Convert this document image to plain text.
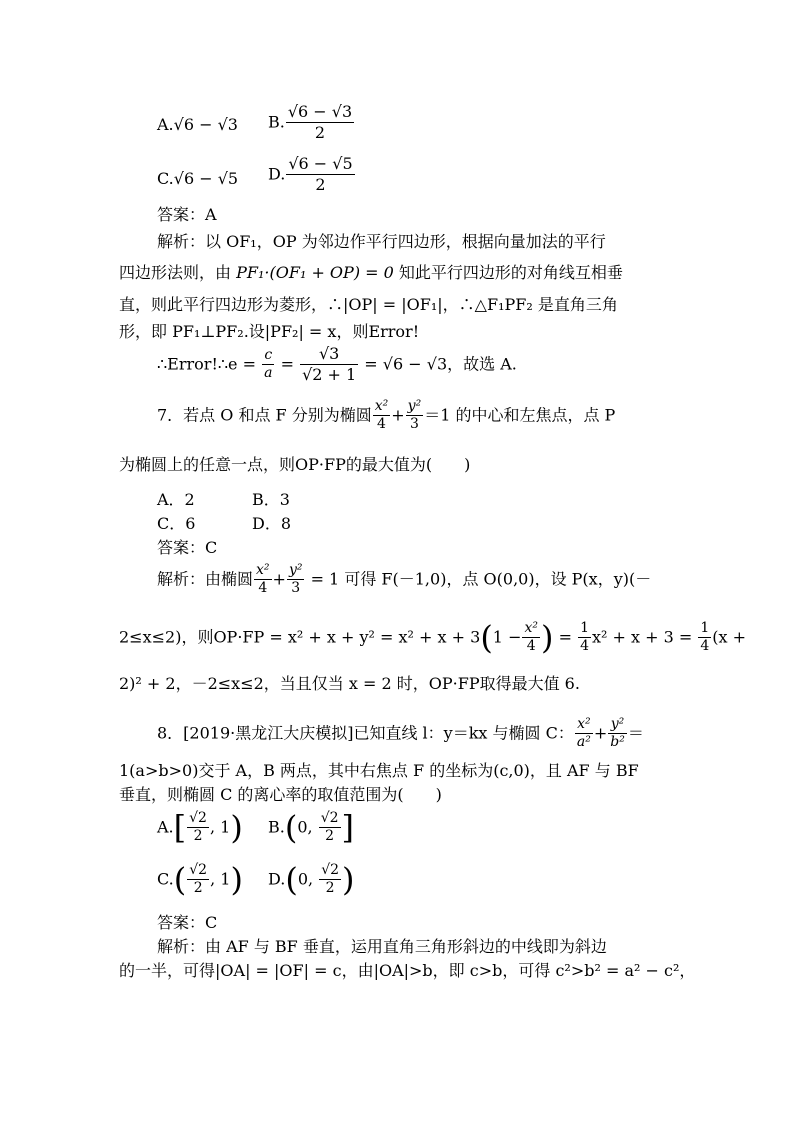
A.√6 − √3 B. $\frac{√6 - √3}{2}$
C.√6 − √5 D. $\frac{√6 - √5}{2}$
答案：A
解析：以 OF₁，OP 为邻边作平行四边形，根据向量加法的平行
四边形法则，由 PF₁·(OF₁ + OP) = 0 知此平行四边形的对角线互相垂
直，则此平行四边形为菱形，∴|OP| = |OF₁|，∴△F₁PF₂ 是直角三角
形，即 PF₁⊥PF₂.设|PF₂| = x，则Error!
∴Error!∴e = $\frac{c}{a} = \frac{√3}{√2 + 1} = √6 - √3$，故选 A.
7．若点 O 和点 F 分别为椭圆 $\frac{\text{x²}}{4} + \frac{\text{y²}}{3} =1$ 的中心和左焦点，点 P
为椭圆上的任意一点，则OP·FP的最大值为(　　)
A．2	B．3
C．6	D．8
答案：C
解析：由椭圆 $\frac{\text{x²}}{4} + \frac{\text{y²}}{3} = 1$ 可得 F(－1,0)，点 O(0,0)，设 P(x，y)(－
2≤x≤2)，则$OP\cdot FP = x^2 + x + y^2 = x^2 + x + 3(1 - \frac{\text{x²}}{4}$ ) = $\frac{1}{4} x^2 + x + 3 = \frac{1}{4} (x$ +
2)² + 2，－2≤x≤2，当且仅当 x = 2 时，OP·FP取得最大值 6.
8．[2019·黑龙江大庆模拟]已知直线 l：y＝kx 与椭圆 C： $\frac{\text{x²}}{\text{a²}} + \frac{\text{y²}}{\text{b²}}$ ＝
1(a>b>0)交于 A，B 两点，其中右焦点 F 的坐标为(c,0)，且 AF 与 BF
垂直，则椭圆 C 的离心率的取值范围为(　　)
$A.[ \frac{√2}{2}$ , 1) B.(0, $\frac{√2}{2}$ ]
$C.( \frac{√2}{2}$ , 1) D.(0, $\frac{√2}{2}$ )
答案：C
解析：由 AF 与 BF 垂直，运用直角三角形斜边的中线即为斜边
的一半，可得|OA| = |OF| = c，由|OA|>b，即 c>b，可得 c²>b² = a² − c²，
